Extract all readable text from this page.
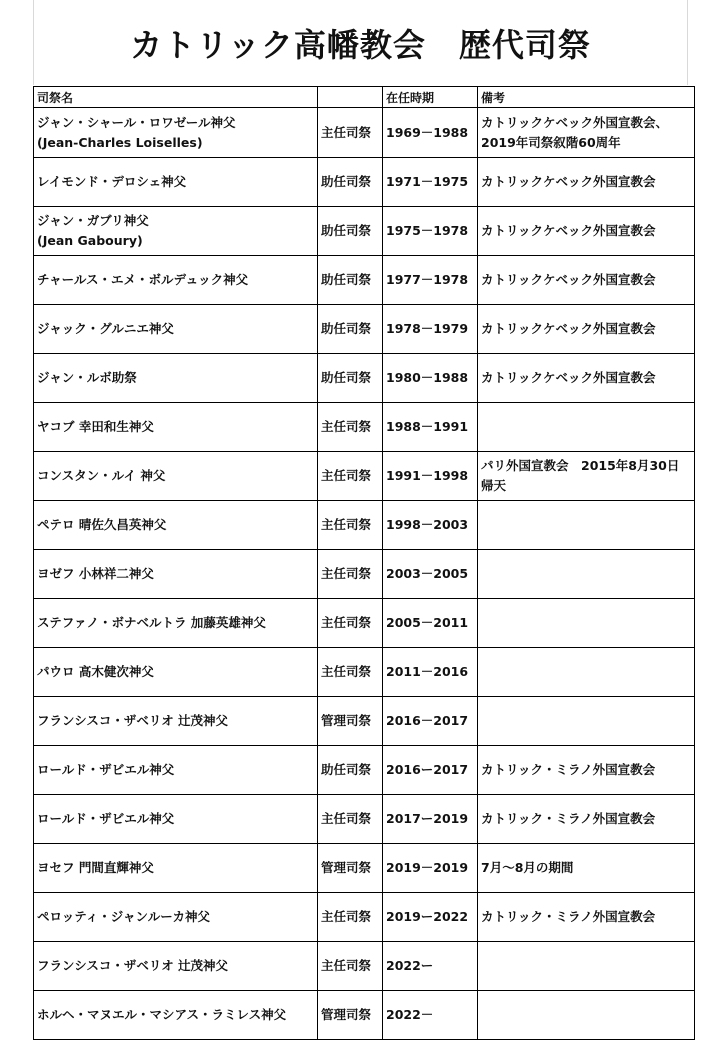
カトリック高幡教会　歴代司祭
司祭名		在任時期	備考
ジャン・シャール・ロワゼール神父
(Jean-Charles Loiselles)	主任司祭	1969－1988	カトリックケベック外国宣教会、
2019年司祭叙階60周年
レイモンド・デロシェ神父	助任司祭	1971－1975	カトリックケベック外国宣教会
ジャン・ガブリ神父
(Jean Gaboury)	助任司祭	1975－1978	カトリックケベック外国宣教会
チャールス・エメ・ボルデュック神父	助任司祭	1977－1978	カトリックケベック外国宣教会
ジャック・グルニエ神父	助任司祭	1978－1979	カトリックケベック外国宣教会
ジャン・ルボ助祭	助任司祭	1980－1988	カトリックケベック外国宣教会
ヤコブ 幸田和生神父	主任司祭	1988－1991	
コンスタン・ルイ 神父	主任司祭	1991－1998	パリ外国宣教会　2015年8月30日
帰天
ペテロ 晴佐久昌英神父	主任司祭	1998－2003	
ヨゼフ 小林祥二神父	主任司祭	2003－2005	
ステファノ・ボナベルトラ 加藤英雄神父	主任司祭	2005－2011	
パウロ 高木健次神父	主任司祭	2011－2016	
フランシスコ・ザベリオ 辻茂神父	管理司祭	2016－2017	
ロールド・ザビエル神父	助任司祭	2016ー2017	カトリック・ミラノ外国宣教会
ロールド・ザビエル神父	主任司祭	2017ー2019	カトリック・ミラノ外国宣教会
ヨセフ 門間直輝神父	管理司祭	2019－2019	7月～8月の期間
ペロッティ・ジャンルーカ神父	主任司祭	2019ー2022	カトリック・ミラノ外国宣教会
フランシスコ・ザベリオ 辻茂神父	主任司祭	2022ー	
ホルヘ・マヌエル・マシアス・ラミレス神父	管理司祭	2022－	
